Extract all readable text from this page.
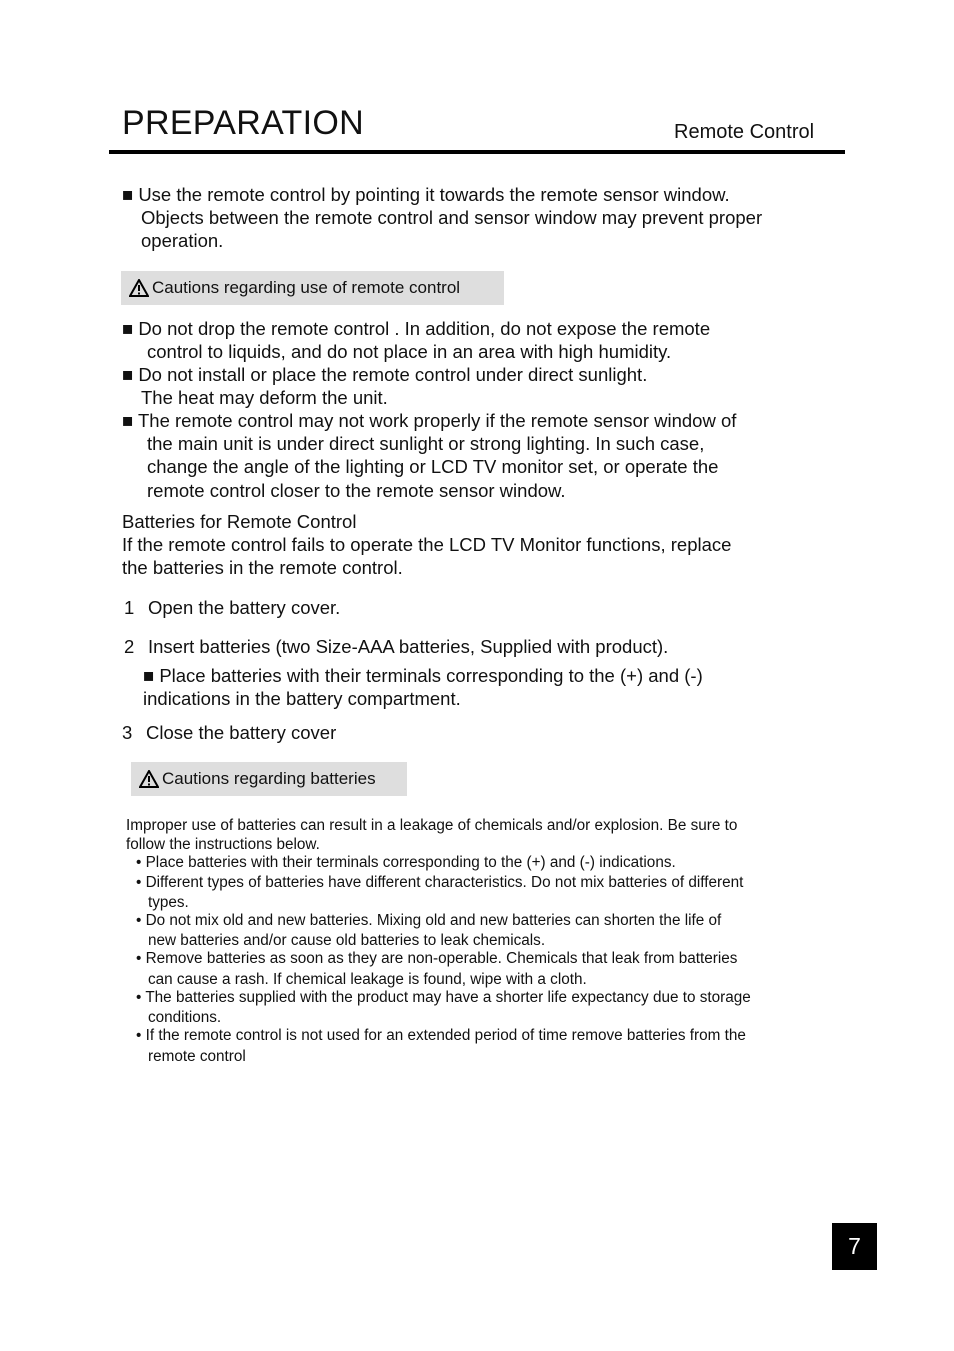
PREPARATION	Remote Control
■ Use the remote control by pointing it towards the remote sensor window.
Objects between the remote control and sensor window may prevent proper
operation.
Cautions regarding use of remote control
■ Do not drop the remote control . In addition, do not expose the remote
control to liquids, and do not place in an area with high humidity.
■ Do not install or place the remote control under direct sunlight.
The heat may deform the unit.
■ The remote control may not work properly if the remote sensor window of
the main unit is under direct sunlight or strong lighting. In such case,
change the angle of the lighting or LCD TV monitor set, or operate the
remote control closer to the remote sensor window.
Batteries for Remote Control
If the remote control fails to operate the LCD TV Monitor functions, replace
the batteries in the remote control.
1 Open the battery cover.
2 Insert batteries (two Size-AAA batteries, Supplied with product).
■ Place batteries with their terminals corresponding to the (+) and (-)
indications in the battery compartment.
3 Close the battery cover
Cautions regarding batteries
Improper use of batteries can result in a leakage of chemicals and/or explosion. Be sure to
follow the instructions below.
• Place batteries with their terminals corresponding to the (+) and (-) indications.
• Different types of batteries have different characteristics. Do not mix batteries of different
types.
• Do not mix old and new batteries. Mixing old and new batteries can shorten the life of
new batteries and/or cause old batteries to leak chemicals.
• Remove batteries as soon as they are non-operable. Chemicals that leak from batteries
can cause a rash. If chemical leakage is found, wipe with a cloth.
• The batteries supplied with the product may have a shorter life expectancy due to storage
conditions.
• If the remote control is not used for an extended period of time remove batteries from the
remote control
7
